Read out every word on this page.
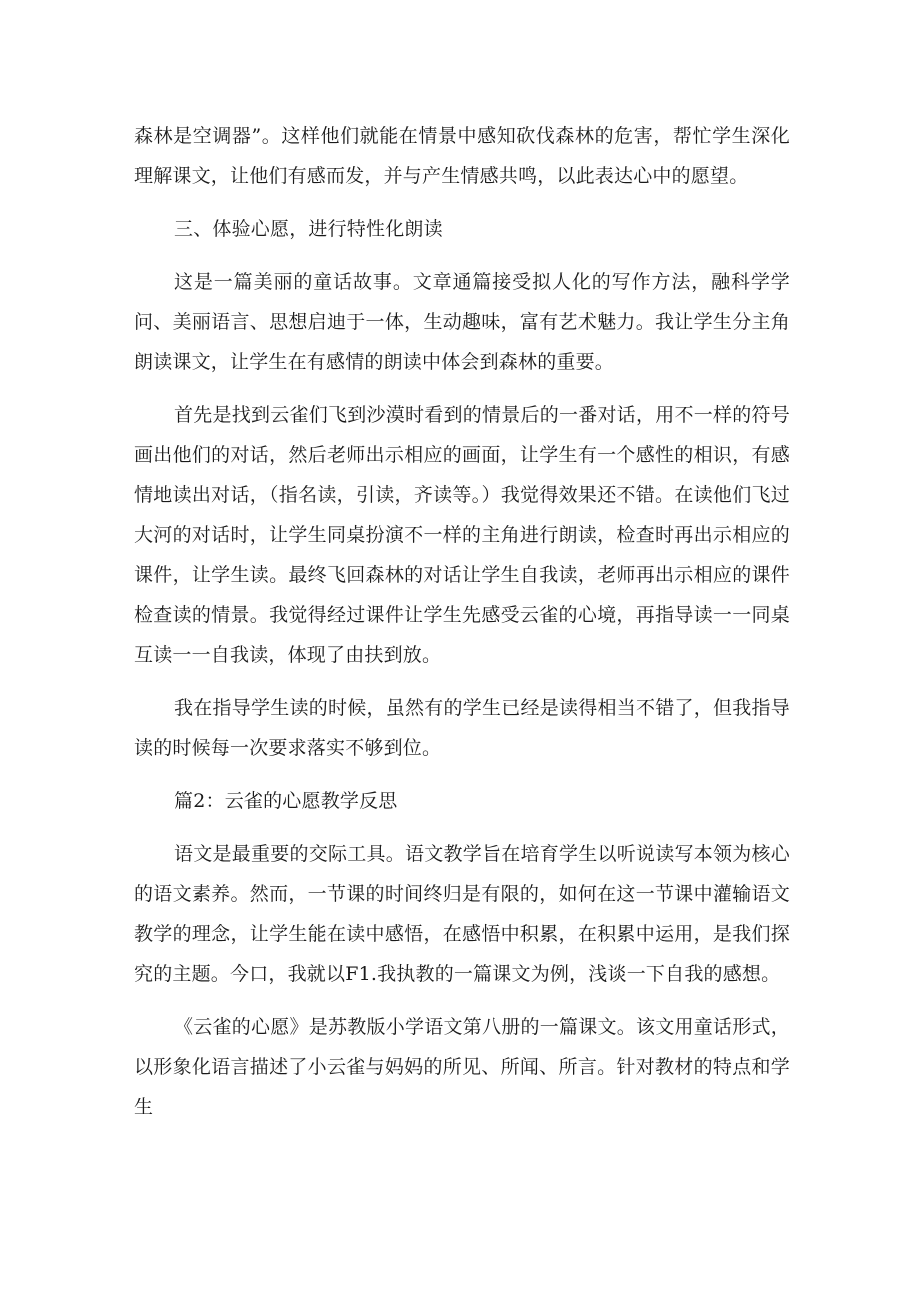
森林是空调器”。这样他们就能在情景中感知砍伐森林的危害，帮忙学生深化理解课文，让他们有感而发，并与产生情感共鸣，以此表达心中的愿望。

三、体验心愿，进行特性化朗读

这是一篇美丽的童话故事。文章通篇接受拟人化的写作方法，融科学学问、美丽语言、思想启迪于一体，生动趣味，富有艺术魅力。我让学生分主角朗读课文，让学生在有感情的朗读中体会到森林的重要。

首先是找到云雀们飞到沙漠时看到的情景后的一番对话，用不一样的符号画出他们的对话，然后老师出示相应的画面，让学生有一个感性的相识，有感情地读出对话，（指名读，引读，齐读等。）我觉得效果还不错。在读他们飞过大河的对话时，让学生同桌扮演不一样的主角进行朗读，检查时再出示相应的课件，让学生读。最终飞回森林的对话让学生自我读，老师再出示相应的课件检查读的情景。我觉得经过课件让学生先感受云雀的心境，再指导读一一同桌互读一一自我读，体现了由扶到放。

我在指导学生读的时候，虽然有的学生已经是读得相当不错了，但我指导读的时候每一次要求落实不够到位。

篇2：云雀的心愿教学反思

语文是最重要的交际工具。语文教学旨在培育学生以听说读写本领为核心的语文素养。然而，一节课的时间终归是有限的，如何在这一节课中灌输语文教学的理念，让学生能在读中感悟，在感悟中积累，在积累中运用，是我们探究的主题。今口，我就以F1.我执教的一篇课文为例，浅谈一下自我的感想。

《云雀的心愿》是苏教版小学语文第八册的一篇课文。该文用童话形式，以形象化语言描述了小云雀与妈妈的所见、所闻、所言。针对教材的特点和学生
